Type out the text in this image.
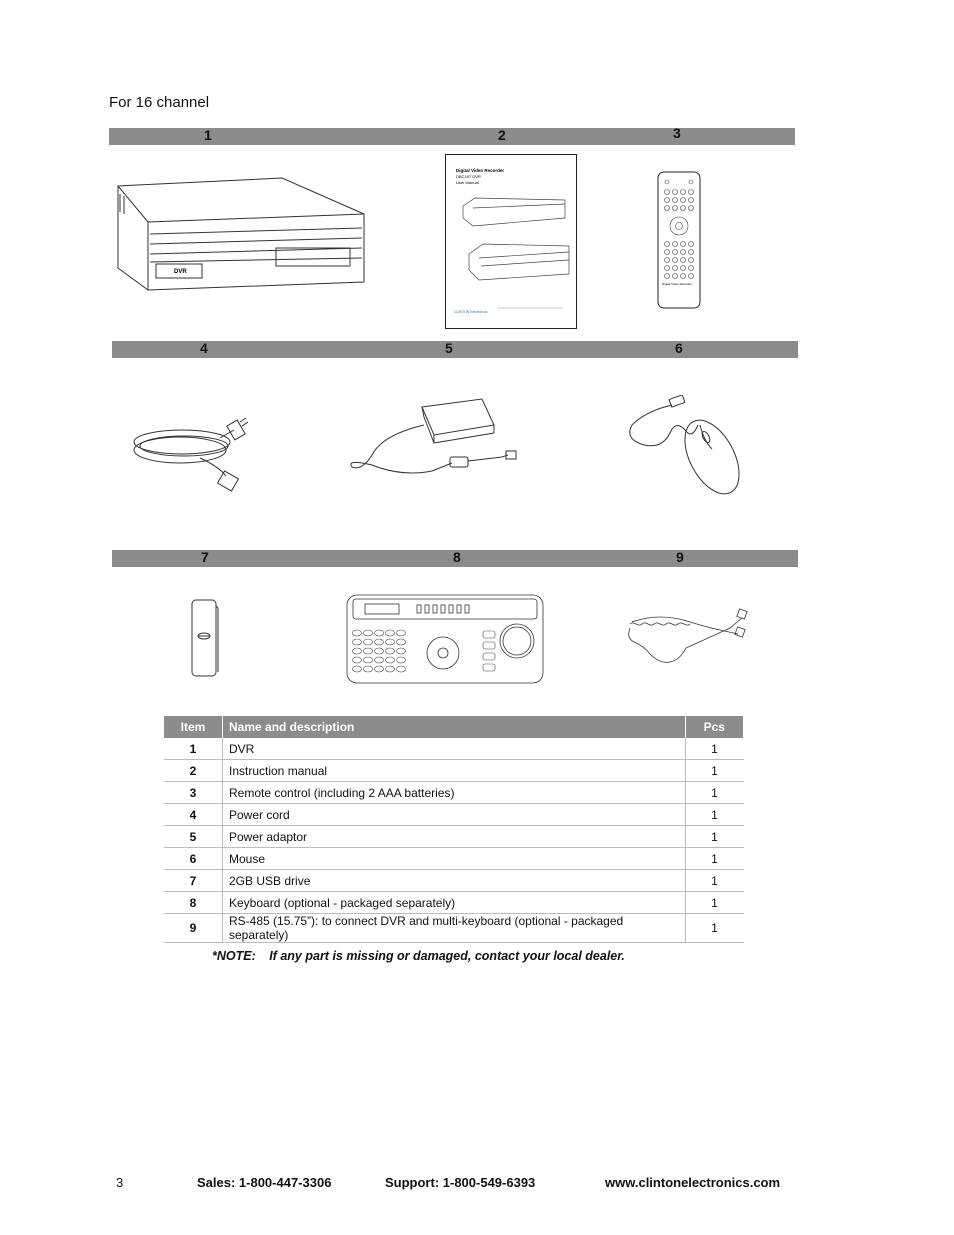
For 16 channel
1	2	3
4	5	6
7	8	9
DVR
Digital Video Recorder
DBC16T DVR
User Manual
CLINTON Electronics
Digital Video Recorder
Item	Name and description	Pcs
1	DVR	1
2	Instruction manual	1
3	Remote control (including 2 AAA batteries)	1
4	Power cord	1
5	Power adaptor	1
6	Mouse	1
7	2GB USB drive	1
8	Keyboard (optional - packaged separately)	1
9	RS-485 (15.75”): to connect DVR and multi-keyboard (optional - packaged separately)	1
*NOTE: If any part is missing or damaged, contact your local dealer.
3	Sales: 1-800-447-3306	Support: 1-800-549-6393	www.clintonelectronics.com
